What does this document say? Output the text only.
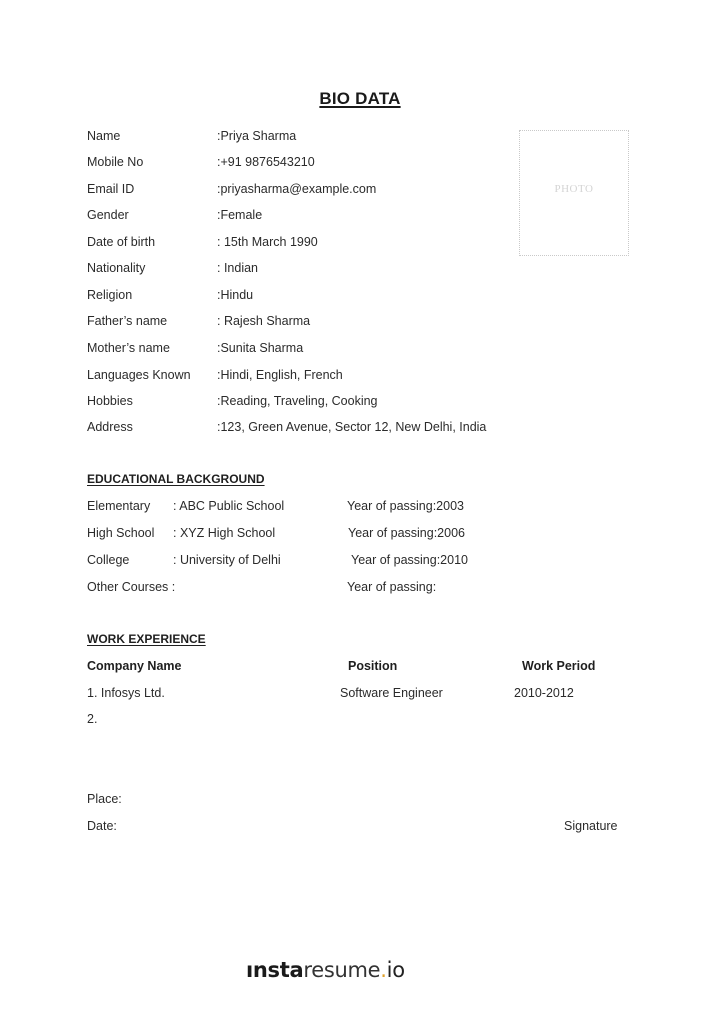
BIO DATA
PHOTO
Name	:Priya Sharma
Mobile No	:+91 9876543210
Email ID	:priyasharma@example.com
Gender	:Female
Date of birth	: 15th March 1990
Nationality	: Indian
Religion	:Hindu
Father’s name	: Rajesh Sharma
Mother’s name	:Sunita Sharma
Languages Known :Hindi, English, French
Hobbies	:Reading, Traveling, Cooking
Address	:123, Green Avenue, Sector 12, New Delhi, India
EDUCATIONAL BACKGROUND
Elementary : ABC Public School	Year of passing:2003
High School : XYZ High School	Year of passing:2006
College	: University of Delhi	Year of passing:2010
Other Courses :	Year of passing:
WORK EXPERIENCE
Company Name	Position	Work Period
1. Infosys Ltd.	Software Engineer	2010-2012
2.
Place:
Date:	Signature
ınstaresume.io
